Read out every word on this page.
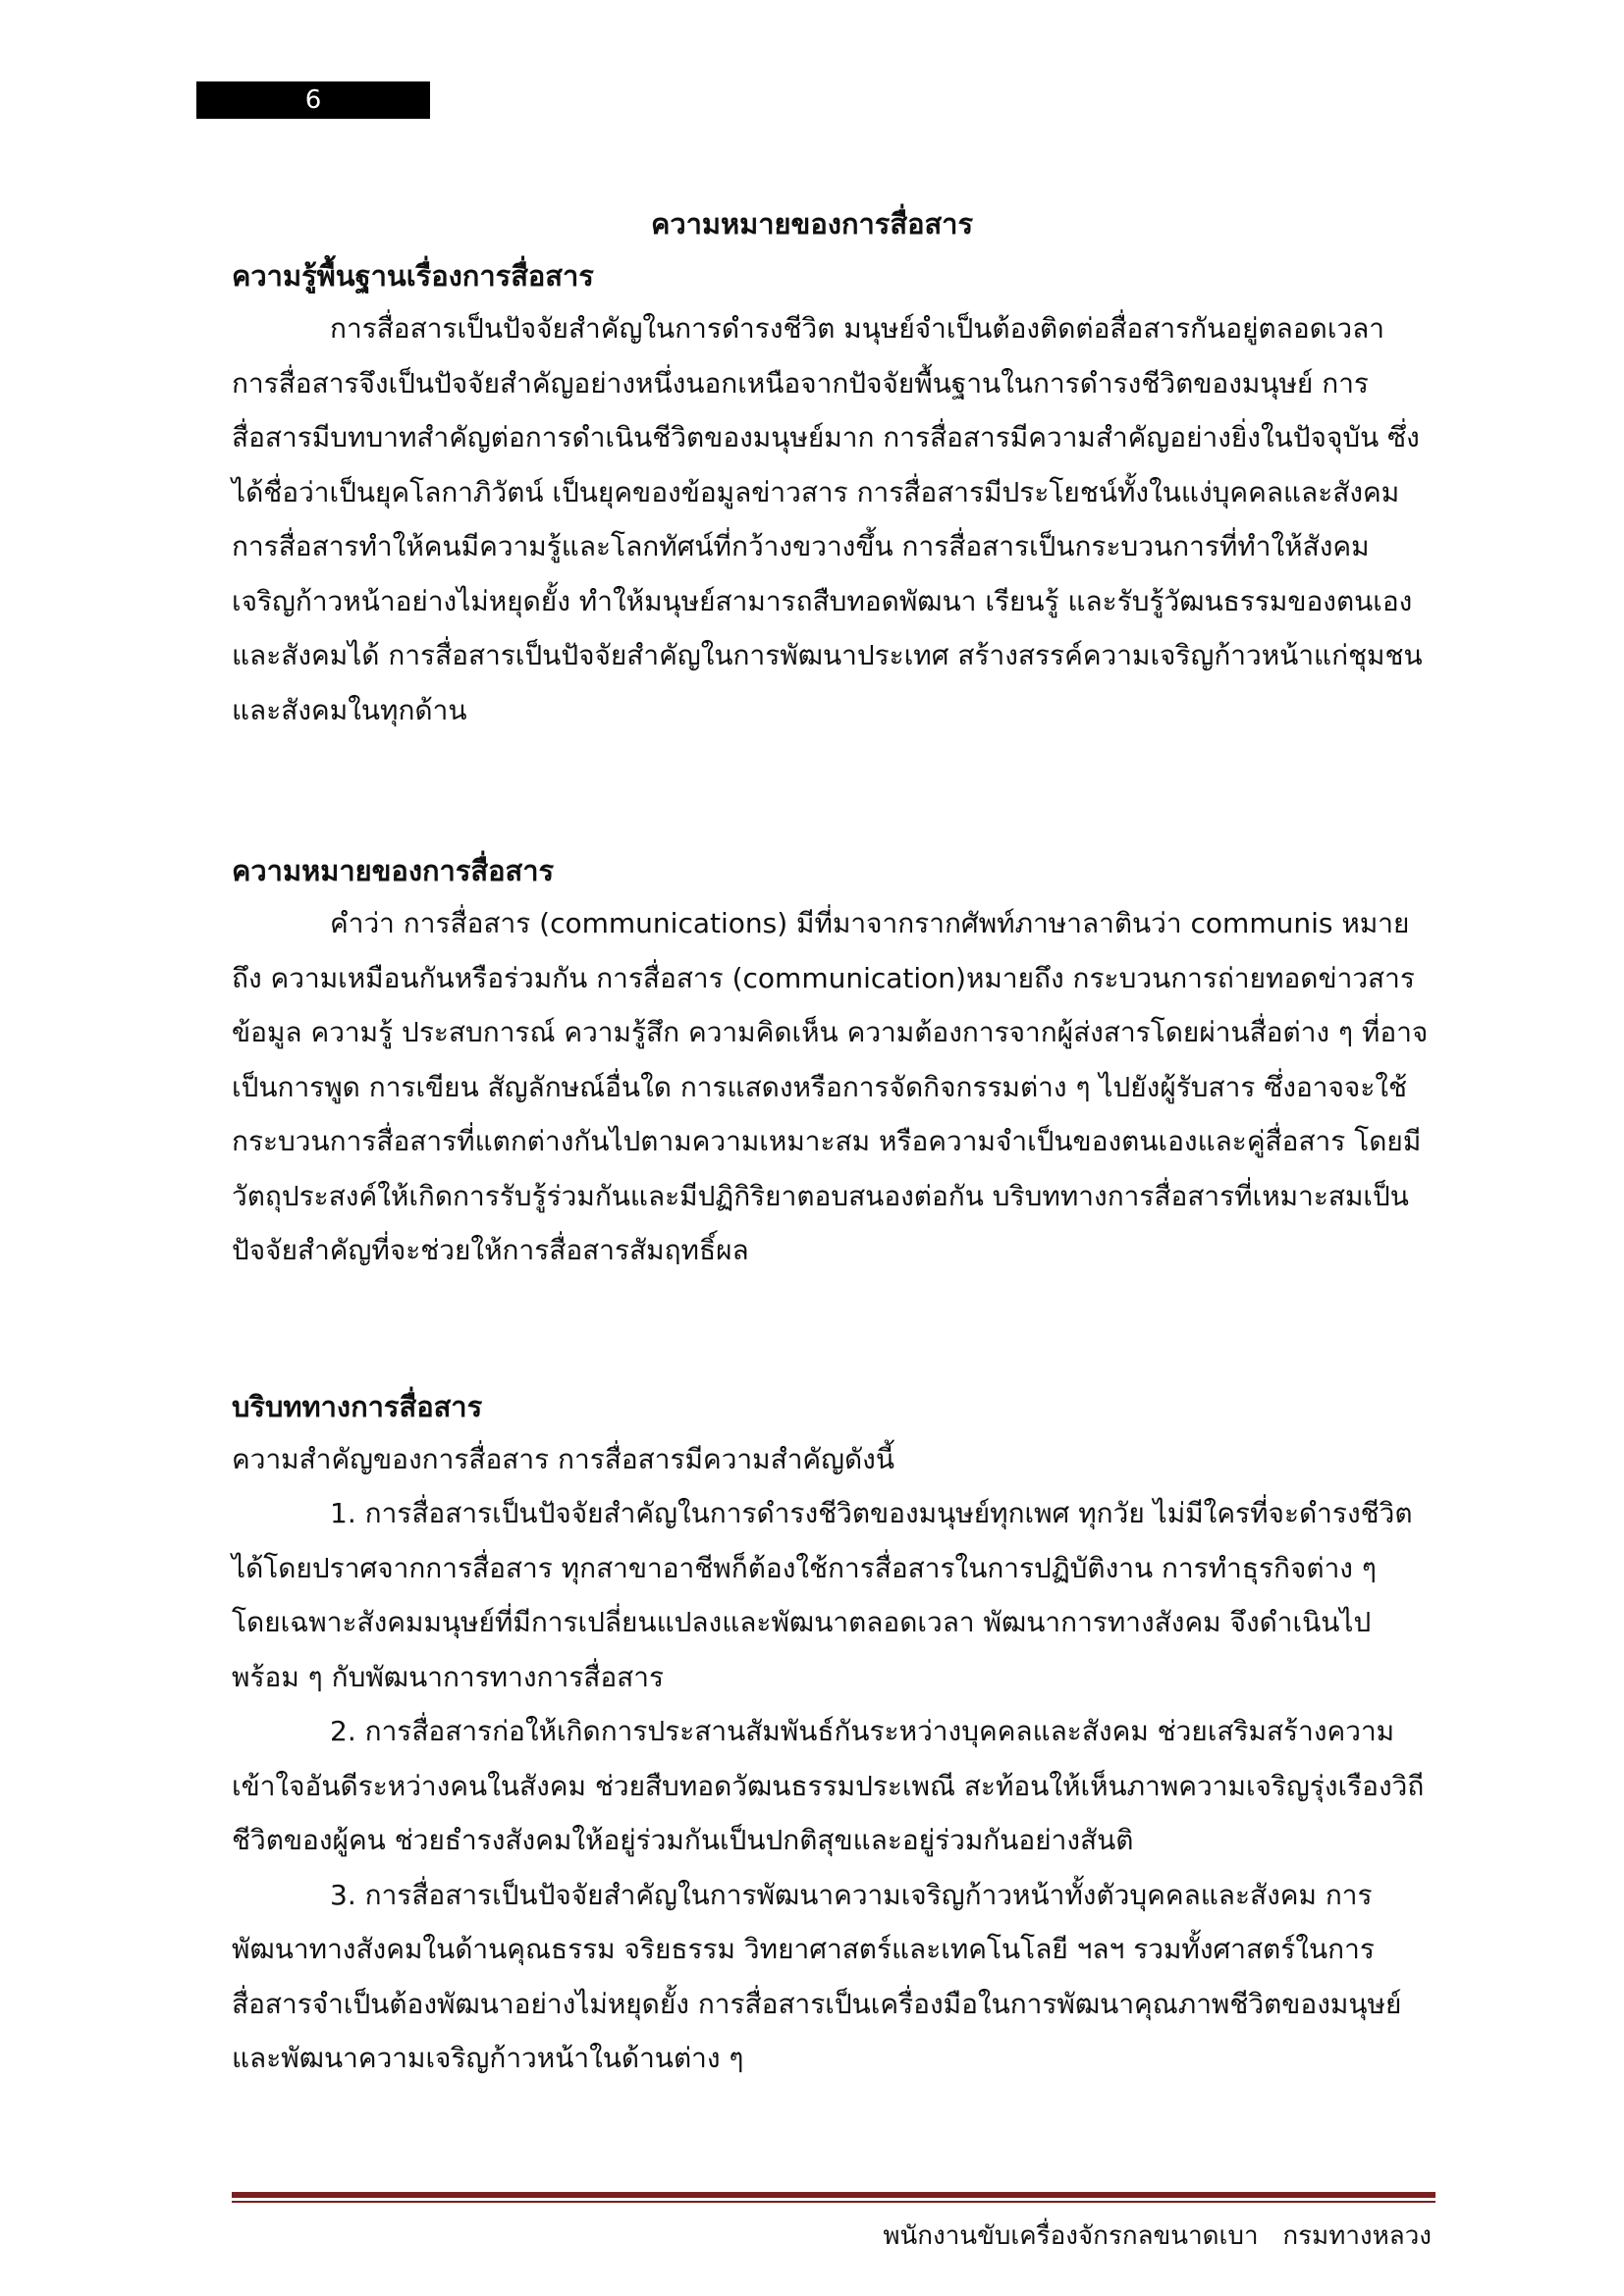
6
ความหมายของการสื่อสาร
ความรู้พื้นฐานเรื่องการสื่อสาร

การสื่อสารเป็นปัจจัยสำคัญในการดำรงชีวิต มนุษย์จำเป็นต้องติดต่อสื่อสารกันอยู่ตลอดเวลา การสื่อสารจึงเป็นปัจจัยสำคัญอย่างหนึ่งนอกเหนือจากปัจจัยพื้นฐานในการดำรงชีวิตของมนุษย์ การสื่อสารมีบทบาทสำคัญต่อการดำเนินชีวิตของมนุษย์มาก การสื่อสารมีความสำคัญอย่างยิ่งในปัจจุบัน ซึ่งได้ชื่อว่าเป็นยุคโลกาภิวัตน์ เป็นยุคของข้อมูลข่าวสาร การสื่อสารมีประโยชน์ทั้งในแง่บุคคลและสังคม การสื่อสารทำให้คนมีความรู้และโลกทัศน์ที่กว้างขวางขึ้น การสื่อสารเป็นกระบวนการที่ทำให้สังคม เจริญก้าวหน้าอย่างไม่หยุดยั้ง ทำให้มนุษย์สามารถสืบทอดพัฒนา เรียนรู้ และรับรู้วัฒนธรรมของตนเองและสังคมได้ การสื่อสารเป็นปัจจัยสำคัญในการพัฒนาประเทศ สร้างสรรค์ความเจริญก้าวหน้าแก่ชุมชน และสังคมในทุกด้าน

ความหมายของการสื่อสาร

คำว่า การสื่อสาร (communications) มีที่มาจากรากศัพท์ภาษาลาตินว่า communis หมายถึง ความเหมือนกันหรือร่วมกัน การสื่อสาร (communication)หมายถึง กระบวนการถ่ายทอดข่าวสาร ข้อมูล ความรู้ ประสบการณ์ ความรู้สึก ความคิดเห็น ความต้องการจากผู้ส่งสารโดยผ่านสื่อต่าง ๆ ที่อาจเป็นการพูด การเขียน สัญลักษณ์อื่นใด การแสดงหรือการจัดกิจกรรมต่าง ๆ ไปยังผู้รับสาร ซึ่งอาจจะใช้กระบวนการสื่อสารที่แตกต่างกันไปตามความเหมาะสม หรือความจำเป็นของตนเองและคู่สื่อสาร โดยมีวัตถุประสงค์ให้เกิดการรับรู้ร่วมกันและมีปฏิกิริยาตอบสนองต่อกัน บริบททางการสื่อสารที่เหมาะสมเป็น ปัจจัยสำคัญที่จะช่วยให้การสื่อสารสัมฤทธิ์ผล

บริบททางการสื่อสาร

ความสำคัญของการสื่อสาร การสื่อสารมีความสำคัญดังนี้

1. การสื่อสารเป็นปัจจัยสำคัญในการดำรงชีวิตของมนุษย์ทุกเพศ ทุกวัย ไม่มีใครที่จะดำรงชีวิตได้โดยปราศจากการสื่อสาร ทุกสาขาอาชีพก็ต้องใช้การสื่อสารในการปฏิบัติงาน การทำธุรกิจต่าง ๆ โดยเฉพาะสังคมมนุษย์ที่มีการเปลี่ยนแปลงและพัฒนาตลอดเวลา พัฒนาการทางสังคม จึงดำเนินไปพร้อม ๆ กับพัฒนาการทางการสื่อสาร

2. การสื่อสารก่อให้เกิดการประสานสัมพันธ์กันระหว่างบุคคลและสังคม ช่วยเสริมสร้างความเข้าใจอันดีระหว่างคนในสังคม ช่วยสืบทอดวัฒนธรรมประเพณี สะท้อนให้เห็นภาพความเจริญรุ่งเรืองวิถีชีวิตของผู้คน ช่วยธำรงสังคมให้อยู่ร่วมกันเป็นปกติสุขและอยู่ร่วมกันอย่างสันติ

3. การสื่อสารเป็นปัจจัยสำคัญในการพัฒนาความเจริญก้าวหน้าทั้งตัวบุคคลและสังคม การพัฒนาทางสังคมในด้านคุณธรรม จริยธรรม วิทยาศาสตร์และเทคโนโลยี ฯลฯ รวมทั้งศาสตร์ในการสื่อสารจำเป็นต้องพัฒนาอย่างไม่หยุดยั้ง การสื่อสารเป็นเครื่องมือในการพัฒนาคุณภาพชีวิตของมนุษย์และพัฒนาความเจริญก้าวหน้าในด้านต่าง ๆ

พนักงานขับเครื่องจักรกลขนาดเบา   กรมทางหลวง
